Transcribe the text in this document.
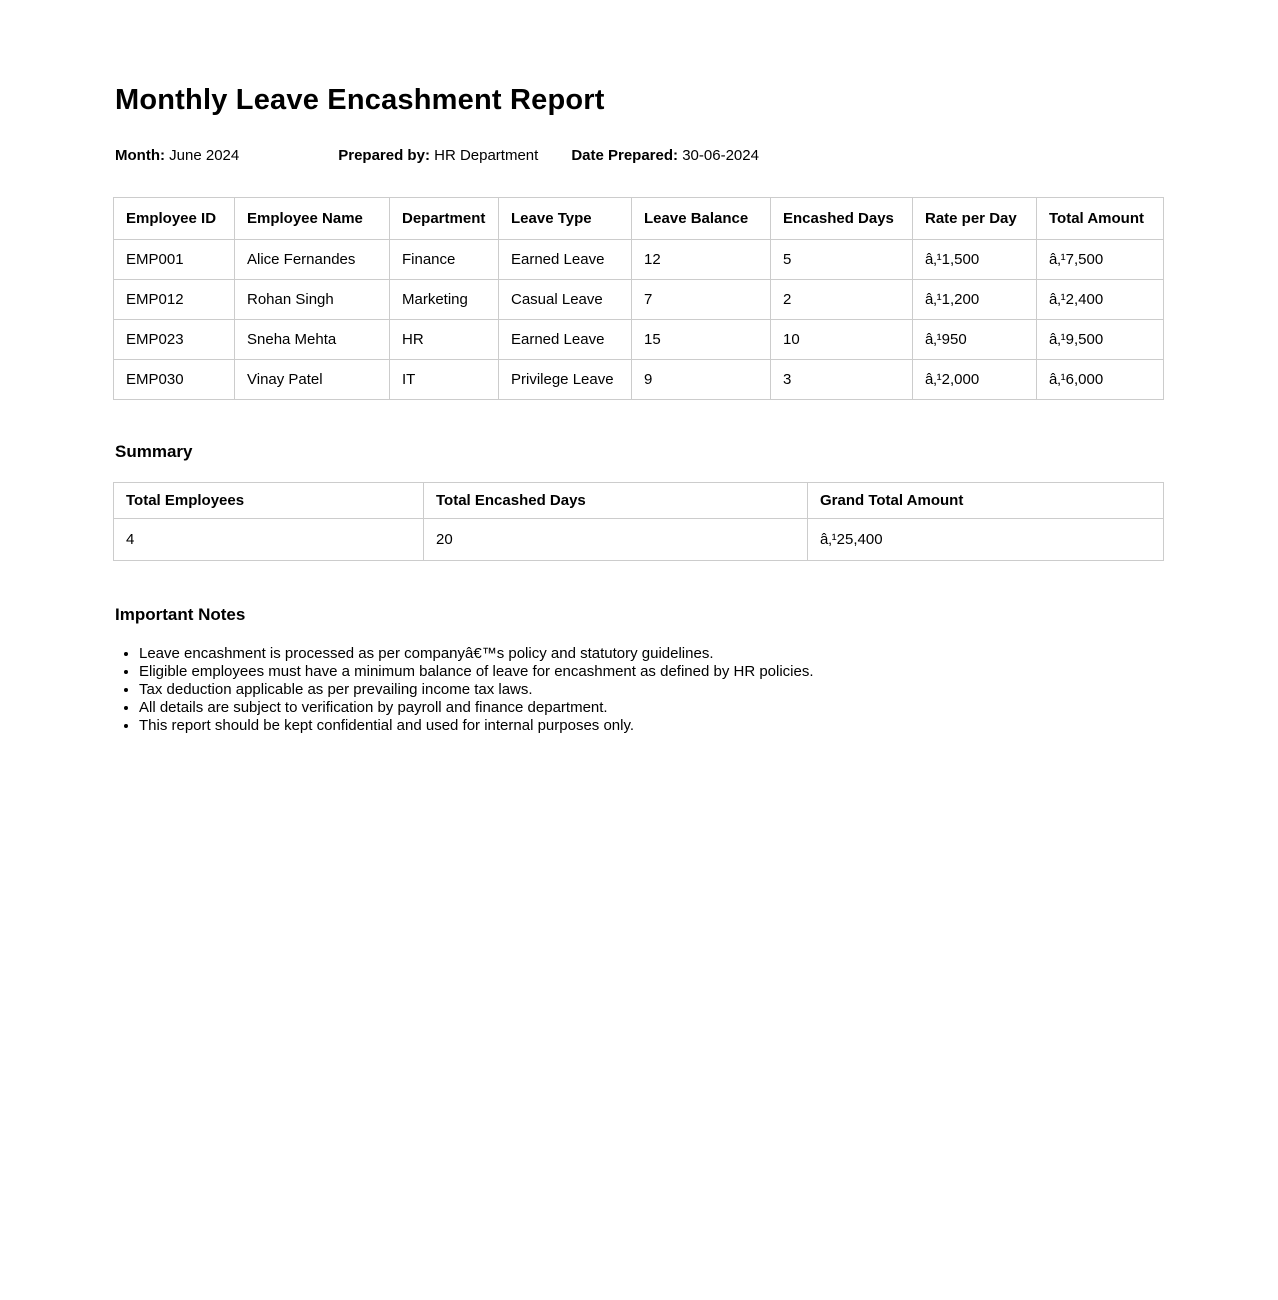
Monthly Leave Encashment Report
Month: June 2024	Prepared by: HR Department Date Prepared: 30-06-2024
Employee ID	Employee Name	Department	Leave Type	Leave Balance	Encashed Days	Rate per Day	Total Amount
EMP001	Alice Fernandes	Finance	Earned Leave	12	5	â‚¹1,500	â‚¹7,500
EMP012	Rohan Singh	Marketing	Casual Leave	7	2	â‚¹1,200	â‚¹2,400
EMP023	Sneha Mehta	HR	Earned Leave	15	10	â‚¹950	â‚¹9,500
EMP030	Vinay Patel	IT	Privilege Leave	9	3	â‚¹2,000	â‚¹6,000
Summary
Total Employees	Total Encashed Days	Grand Total Amount
4	20	â‚¹25,400
Important Notes
• Leave encashment is processed as per companyâ€™s policy and statutory guidelines.
• Eligible employees must have a minimum balance of leave for encashment as defined by HR policies.
• Tax deduction applicable as per prevailing income tax laws.
• All details are subject to verification by payroll and finance department.
• This report should be kept confidential and used for internal purposes only.
